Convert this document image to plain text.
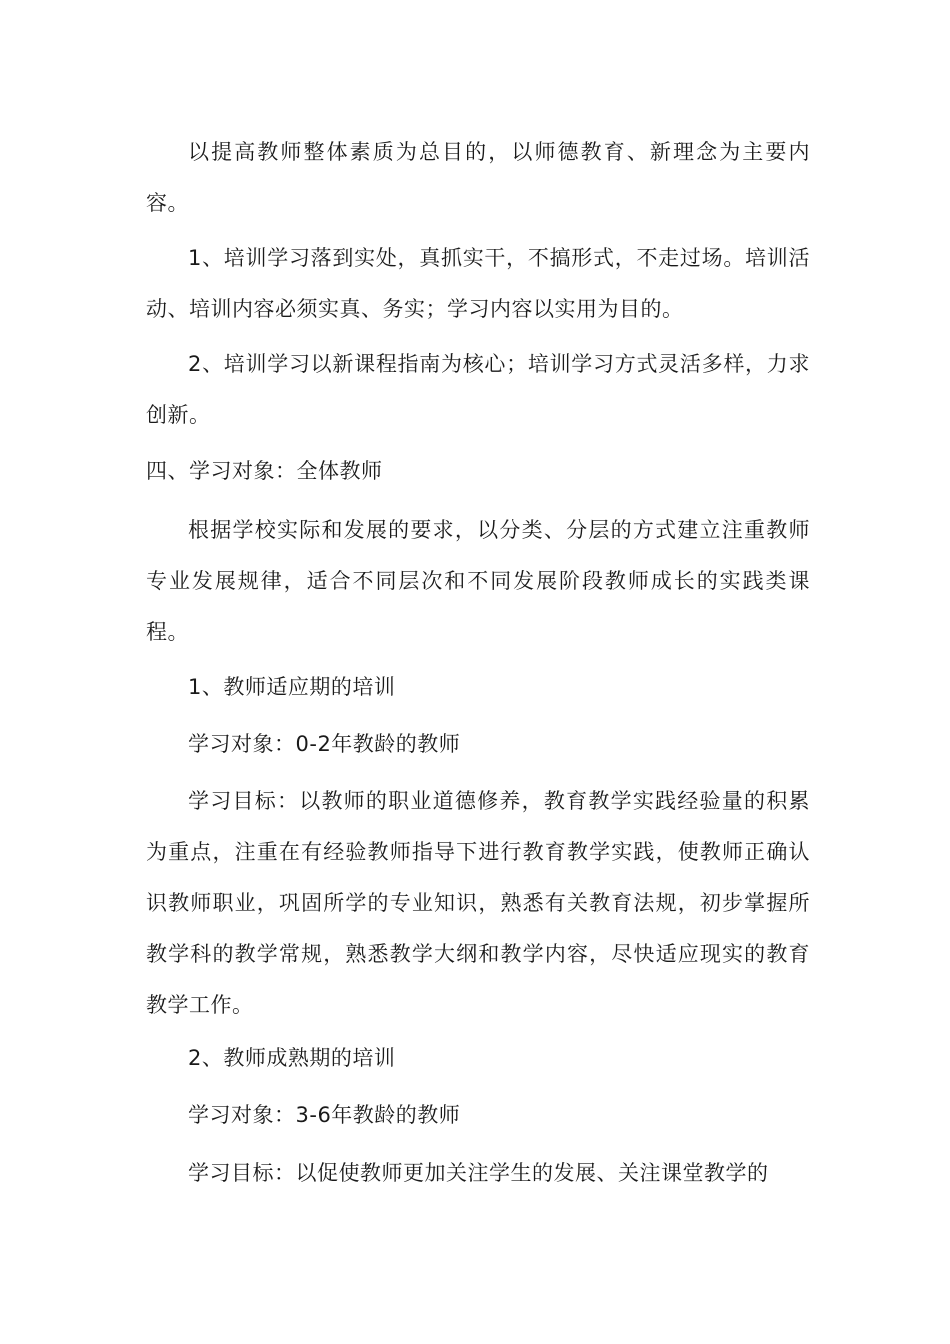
以提高教师整体素质为总目的，以师德教育、新理念为主要内容。

1、培训学习落到实处，真抓实干，不搞形式，不走过场。培训活动、培训内容必须实真、务实；学习内容以实用为目的。

2、培训学习以新课程指南为核心；培训学习方式灵活多样，力求创新。

四、学习对象：全体教师

根据学校实际和发展的要求，以分类、分层的方式建立注重教师专业发展规律，适合不同层次和不同发展阶段教师成长的实践类课程。

1、教师适应期的培训

学习对象：0-2年教龄的教师

学习目标：以教师的职业道德修养，教育教学实践经验量的积累为重点，注重在有经验教师指导下进行教育教学实践，使教师正确认识教师职业，巩固所学的专业知识，熟悉有关教育法规，初步掌握所教学科的教学常规，熟悉教学大纲和教学内容，尽快适应现实的教育教学工作。

2、教师成熟期的培训

学习对象：3-6年教龄的教师

学习目标：以促使教师更加关注学生的发展、关注课堂教学的
